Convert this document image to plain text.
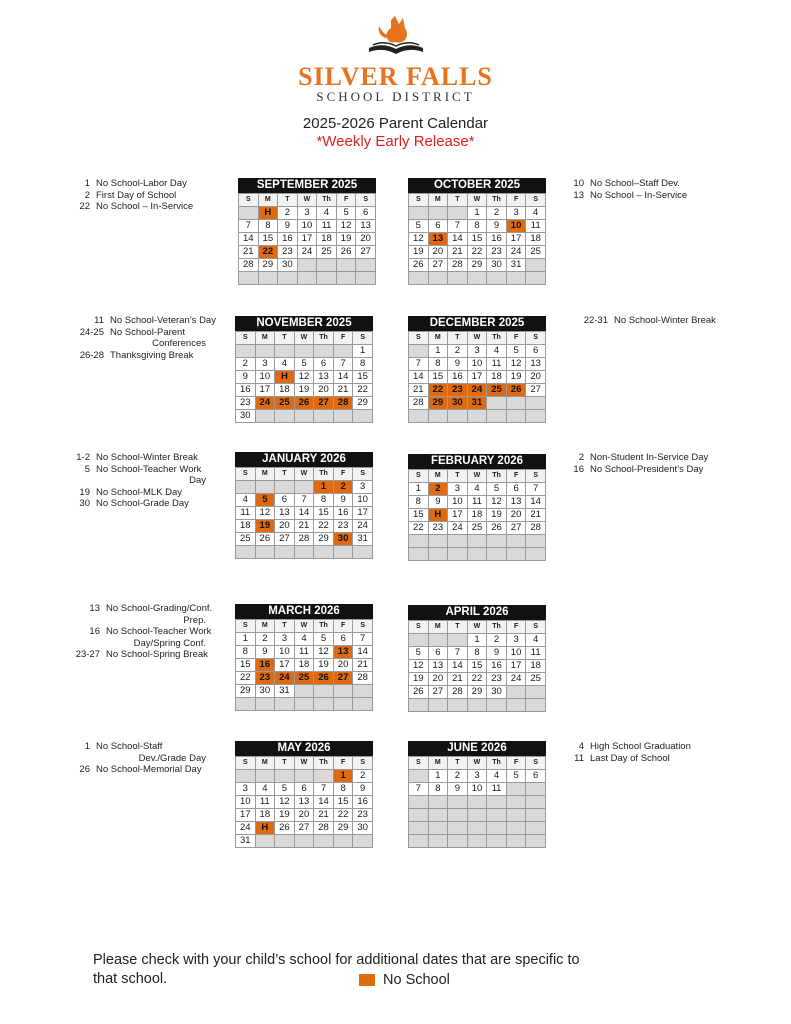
SILVER FALLS
SCHOOL DISTRICT
2025-2026 Parent Calendar
*Weekly Early Release*
SEPTEMBER 2025
S	M	T	W	Th	F	S
	H	2	3	4	5	6
7	8	9	10	11	12	13
14	15	16	17	18	19	20
21	22	23	24	25	26	27
28	29	30				

OCTOBER 2025
S	M	T	W	Th	F	S
			1	2	3	4
5	6	7	8	9	10	11
12	13	14	15	16	17	18
19	20	21	22	23	24	25
26	27	28	29	30	31	

NOVEMBER 2025
S	M	T	W	Th	F	S
						1
2	3	4	5	6	7	8
9	10	H	12	13	14	15
16	17	18	19	20	21	22
23	24	25	26	27	28	29
30						
DECEMBER 2025
S	M	T	W	Th	F	S
	1	2	3	4	5	6
7	8	9	10	11	12	13
14	15	16	17	18	19	20
21	22	23	24	25	26	27
28	29	30	31			

JANUARY 2026
S	M	T	W	Th	F	S
				1	2	3
4	5	6	7	8	9	10
11	12	13	14	15	16	17
18	19	20	21	22	23	24
25	26	27	28	29	30	31

FEBRUARY 2026
S	M	T	W	Th	F	S
1	2	3	4	5	6	7
8	9	10	11	12	13	14
15	H	17	18	19	20	21
22	23	24	25	26	27	28

MARCH 2026
S	M	T	W	Th	F	S
1	2	3	4	5	6	7
8	9	10	11	12	13	14
15	16	17	18	19	20	21
22	23	24	25	26	27	28
29	30	31				

APRIL 2026
S	M	T	W	Th	F	S
			1	2	3	4
5	6	7	8	9	10	11
12	13	14	15	16	17	18
19	20	21	22	23	24	25
26	27	28	29	30		

MAY 2026
S	M	T	W	Th	F	S
					1	2
3	4	5	6	7	8	9
10	11	12	13	14	15	16
17	18	19	20	21	22	23
24	H	26	27	28	29	30
31						
JUNE 2026
S	M	T	W	Th	F	S
	1	2	3	4	5	6
7	8	9	10	11		

1 No School-Labor Day
2 First Day of School
22 No School – In-Service
10 No School–Staff Dev.
13 No School – In-Service
11 No School-Veteran’s Day
24-25 No School-Parent
Conferences
26-28 Thanksgiving Break
22-31 No School-Winter Break
1-2 No School-Winter Break
5 No School-Teacher Work
Day
19 No School-MLK Day
30 No School-Grade Day
2 Non-Student In-Service Day
16 No School-President’s Day
13 No School-Grading/Conf.
Prep.
16 No School-Teacher Work
Day/Spring Conf.
23-27 No School-Spring Break
1 No School-Staff
Dev./Grade Day
26 No School-Memorial Day
4 High School Graduation
11 Last Day of School
Please check with your child’s school for additional dates that are specific to
that school.	No School
